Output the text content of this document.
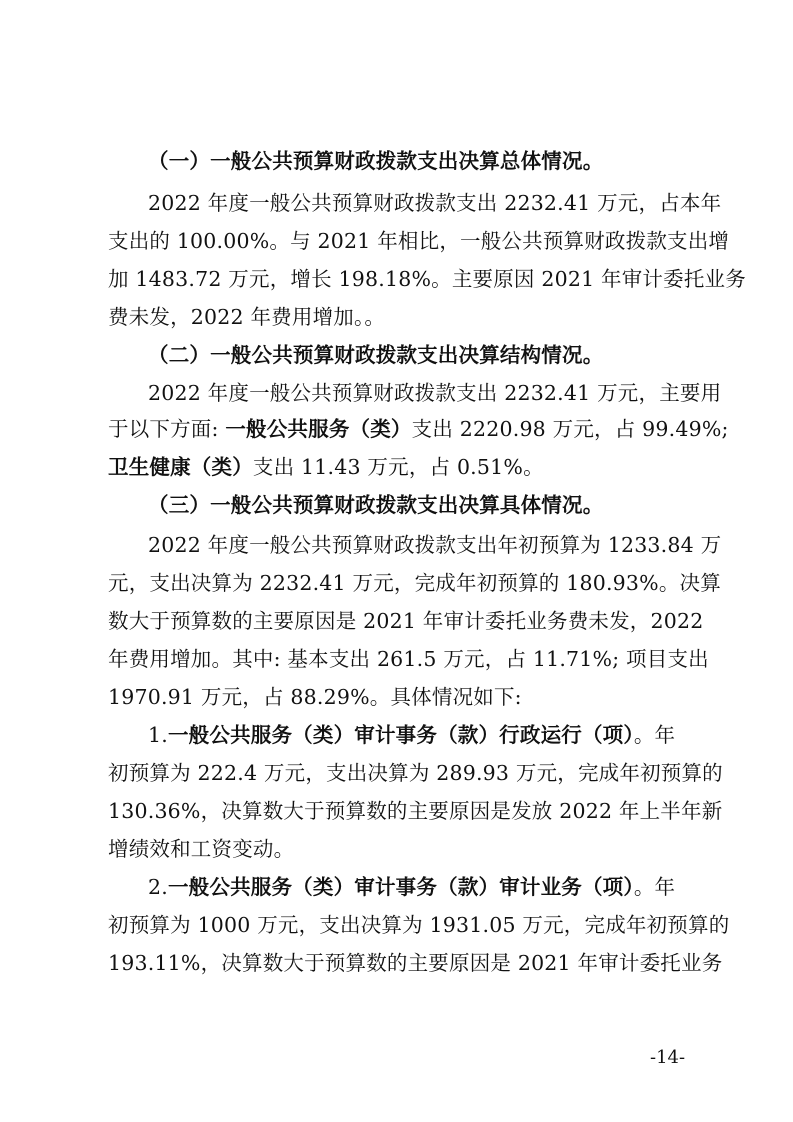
（一）一般公共预算财政拨款支出决算总体情况。
2022 年度一般公共预算财政拨款支出 2232.41 万元，占本年
支出的 100.00%。与 2021 年相比，一般公共预算财政拨款支出增
加 1483.72 万元，增长 198.18%。主要原因 2021 年审计委托业务
费未发，2022 年费用增加。。
（二）一般公共预算财政拨款支出决算结构情况。
2022 年度一般公共预算财政拨款支出 2232.41 万元，主要用
于以下方面: 一般公共服务（类）支出 2220.98 万元，占 99.49%;
卫生健康（类）支出 11.43 万元，占 0.51%。
（三）一般公共预算财政拨款支出决算具体情况。
2022 年度一般公共预算财政拨款支出年初预算为 1233.84 万
元，支出决算为 2232.41 万元，完成年初预算的 180.93%。决算
数大于预算数的主要原因是 2021 年审计委托业务费未发，2022
年费用增加。其中: 基本支出 261.5 万元，占 11.71%; 项目支出
1970.91 万元，占 88.29%。具体情况如下:
1.一般公共服务（类）审计事务（款）行政运行（项）。年
初预算为 222.4 万元，支出决算为 289.93 万元，完成年初预算的
130.36%，决算数大于预算数的主要原因是发放 2022 年上半年新
增绩效和工资变动。
2.一般公共服务（类）审计事务（款）审计业务（项）。年
初预算为 1000 万元，支出决算为 1931.05 万元，完成年初预算的
193.11%，决算数大于预算数的主要原因是 2021 年审计委托业务
-14-
